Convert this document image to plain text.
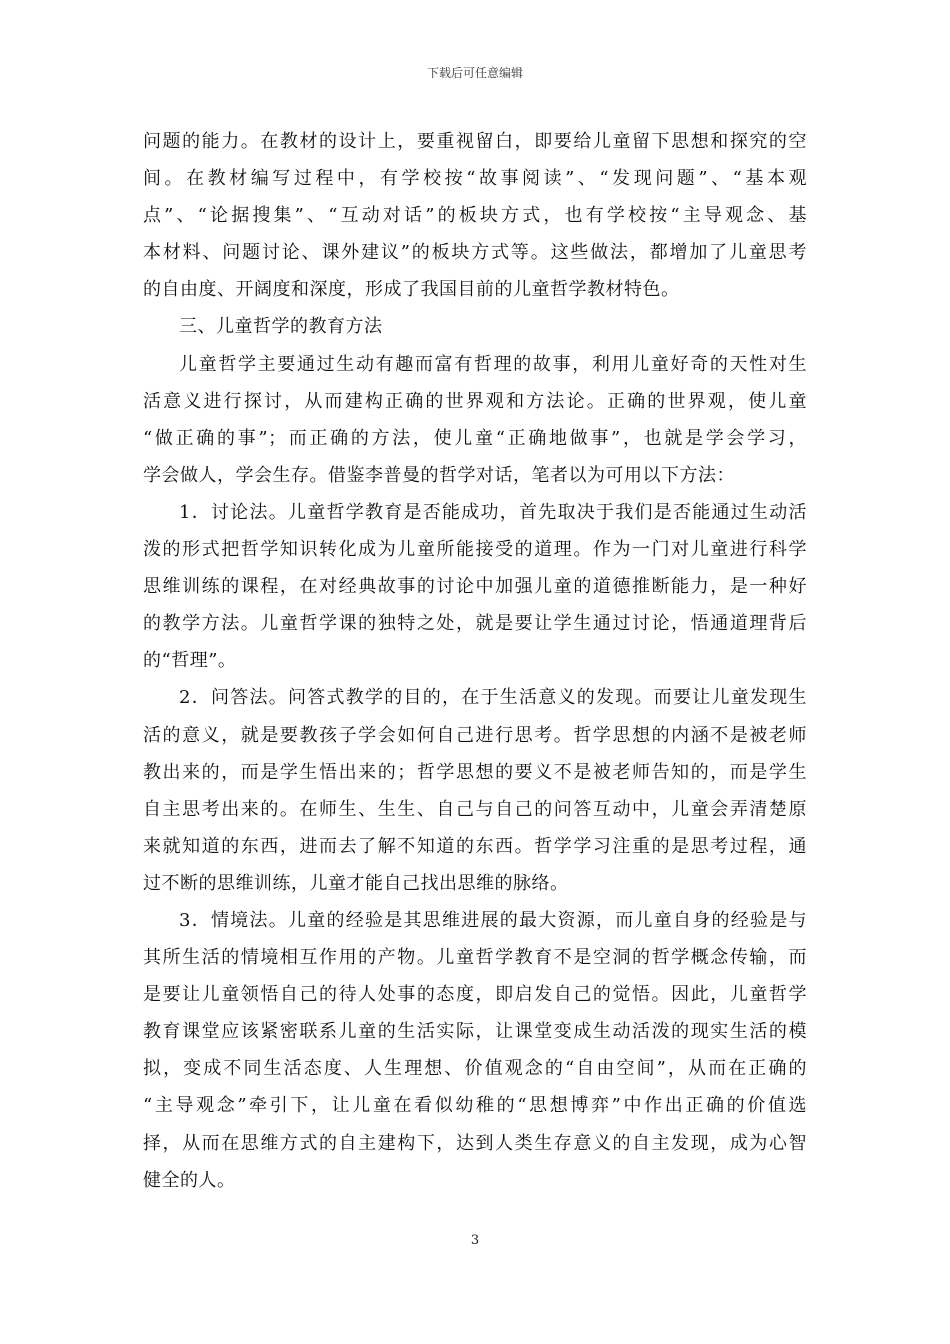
下载后可任意编辑
问题的能力。在教材的设计上，要重视留白，即要给儿童留下思想和探究的空
间。在教材编写过程中，有学校按“故事阅读”、“发现问题”、“基本观
点”、“论据搜集”、“互动对话”的板块方式，也有学校按“主导观念、基
本材料、问题讨论、课外建议”的板块方式等。这些做法，都增加了儿童思考
的自由度、开阔度和深度，形成了我国目前的儿童哲学教材特色。
三、儿童哲学的教育方法
儿童哲学主要通过生动有趣而富有哲理的故事，利用儿童好奇的天性对生
活意义进行探讨，从而建构正确的世界观和方法论。正确的世界观，使儿童
“做正确的事”；而正确的方法，使儿童“正确地做事”，也就是学会学习，
学会做人，学会生存。借鉴李普曼的哲学对话，笔者以为可用以下方法：
1．讨论法。儿童哲学教育是否能成功，首先取决于我们是否能通过生动活
泼的形式把哲学知识转化成为儿童所能接受的道理。作为一门对儿童进行科学
思维训练的课程，在对经典故事的讨论中加强儿童的道德推断能力，是一种好
的教学方法。儿童哲学课的独特之处，就是要让学生通过讨论，悟通道理背后
的“哲理”。
2．问答法。问答式教学的目的，在于生活意义的发现。而要让儿童发现生
活的意义，就是要教孩子学会如何自己进行思考。哲学思想的内涵不是被老师
教出来的，而是学生悟出来的；哲学思想的要义不是被老师告知的，而是学生
自主思考出来的。在师生、生生、自己与自己的问答互动中，儿童会弄清楚原
来就知道的东西，进而去了解不知道的东西。哲学学习注重的是思考过程，通
过不断的思维训练，儿童才能自己找出思维的脉络。
3．情境法。儿童的经验是其思维进展的最大资源，而儿童自身的经验是与
其所生活的情境相互作用的产物。儿童哲学教育不是空洞的哲学概念传输，而
是要让儿童领悟自己的待人处事的态度，即启发自己的觉悟。因此，儿童哲学
教育课堂应该紧密联系儿童的生活实际，让课堂变成生动活泼的现实生活的模
拟，变成不同生活态度、人生理想、价值观念的“自由空间”，从而在正确的
“主导观念”牵引下，让儿童在看似幼稚的“思想博弈”中作出正确的价值选
择，从而在思维方式的自主建构下，达到人类生存意义的自主发现，成为心智
健全的人。
3
